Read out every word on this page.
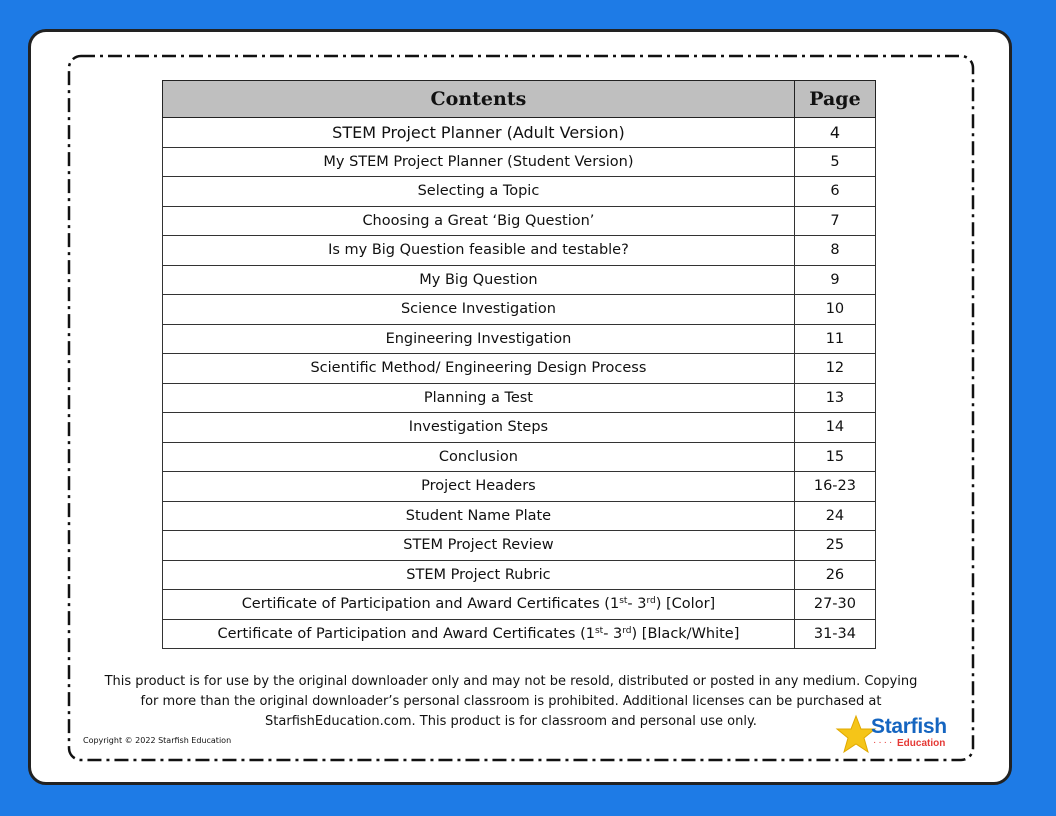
Contents	Page
STEM Project Planner (Adult Version)	4
My STEM Project Planner (Student Version)	5
Selecting a Topic	6
Choosing a Great ‘Big Question’	7
Is my Big Question feasible and testable?	8
My Big Question	9
Science Investigation	10
Engineering Investigation	11
Scientific Method/ Engineering Design Process	12
Planning a Test	13
Investigation Steps	14
Conclusion	15
Project Headers	16-23
Student Name Plate	24
STEM Project Review	25
STEM Project Rubric	26
Certificate of Participation and Award Certificates (1st- 3rd) [Color]	27-30
Certificate of Participation and Award Certificates (1st- 3rd) [Black/White]	31-34
This product is for use by the original downloader only and may not be resold, distributed or posted in any medium. Copying
for more than the original downloader’s personal classroom is prohibited. Additional licenses can be purchased at
StarfishEducation.com. This product is for classroom and personal use only.
Copyright © 2022 Starfish Education
Starfish
···· Education
